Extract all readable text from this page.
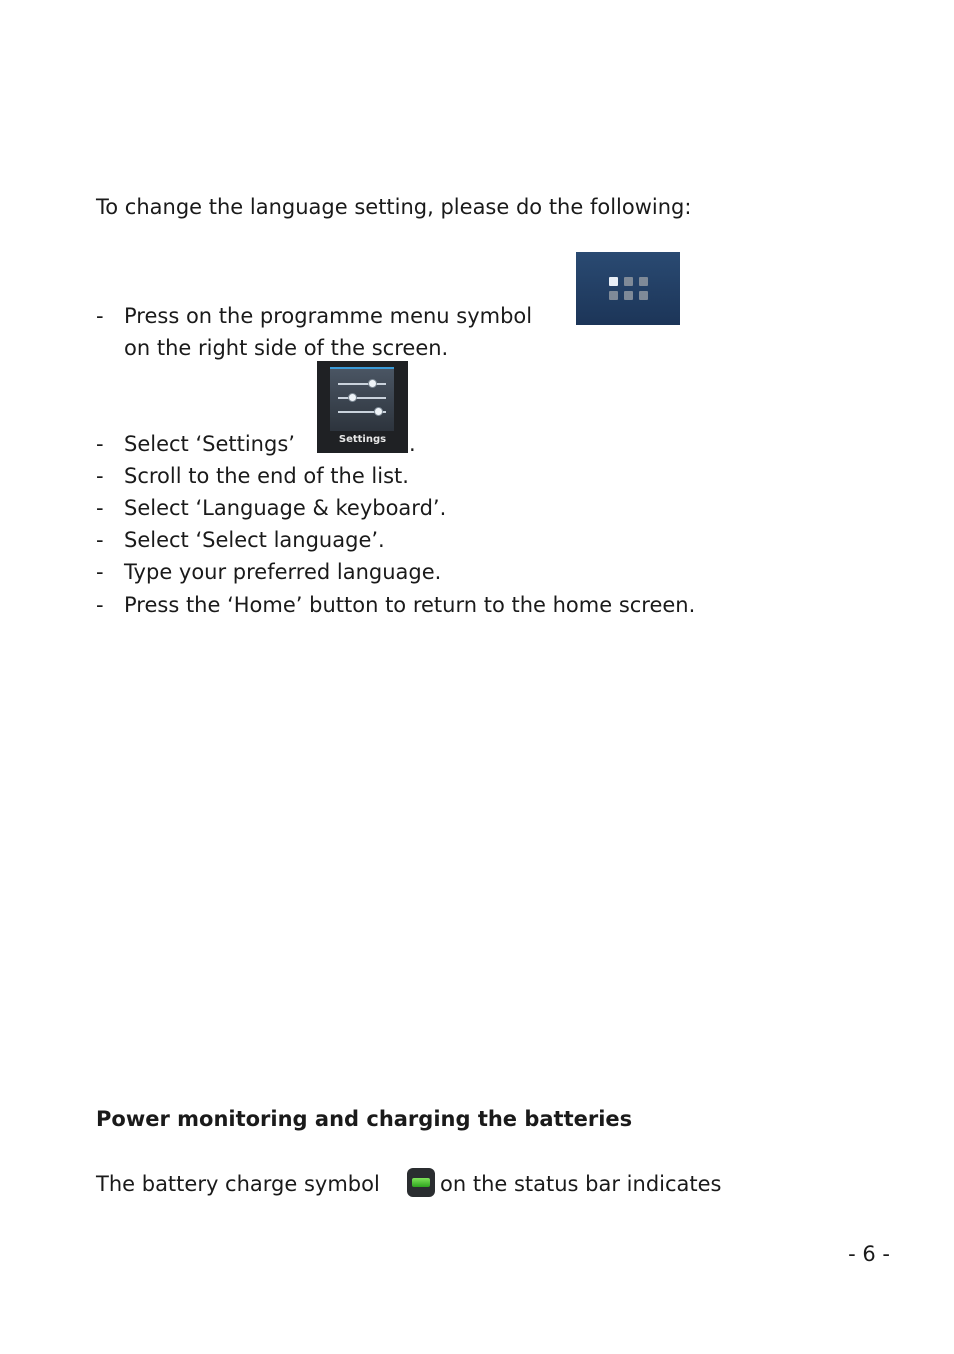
To change the language setting, please do the following:
- Press on the programme menu symbol
on the right side of the screen.
- Select ‘Settings’	Settings	.
- Scroll to the end of the list.
- Select ‘Language & keyboard’.
- Select ‘Select language’.
- Type your preferred language.
- Press the ‘Home’ button to return to the home screen.
Power monitoring and charging the batteries
The battery charge symbol	on the status bar indicates
- 6 -
